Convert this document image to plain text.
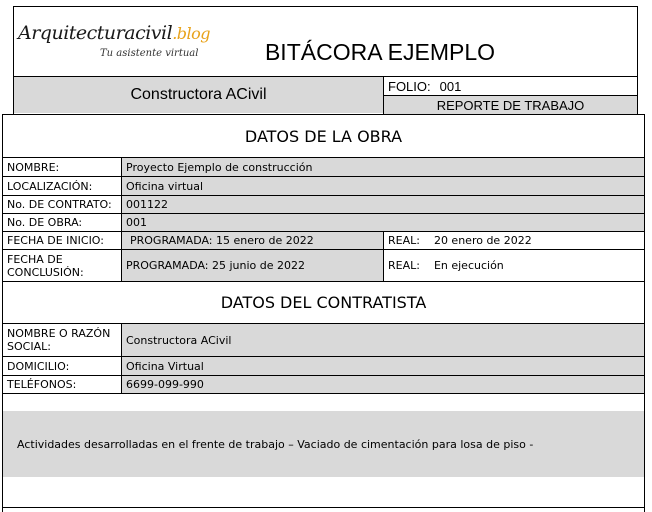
Arquitecturacivil.blog
Tu asistente virtual	BITÁCORA EJEMPLO
Constructora ACivil	FOLIO: 001
REPORTE DE TRABAJO
DATOS DE LA OBRA
NOMBRE:	Proyecto Ejemplo de construcción
LOCALIZACIÓN:	Oficina virtual
No. DE CONTRATO: 001122
No. DE OBRA:	001
FECHA DE INICIO: PROGRAMADA: 15 enero de 2022	REAL:    20 enero de 2022
FECHA DE CONCLUSIÓN:	PROGRAMADA: 25 junio de 2022	REAL:    En ejecución
DATOS DEL CONTRATISTA
NOMBRE O RAZÓN SOCIAL:	Constructora ACivil
DOMICILIO:	Oficina Virtual
TELÉFONOS:	6699-099-990
Actividades desarrolladas en el frente de trabajo – Vaciado de cimentación para losa de piso -
